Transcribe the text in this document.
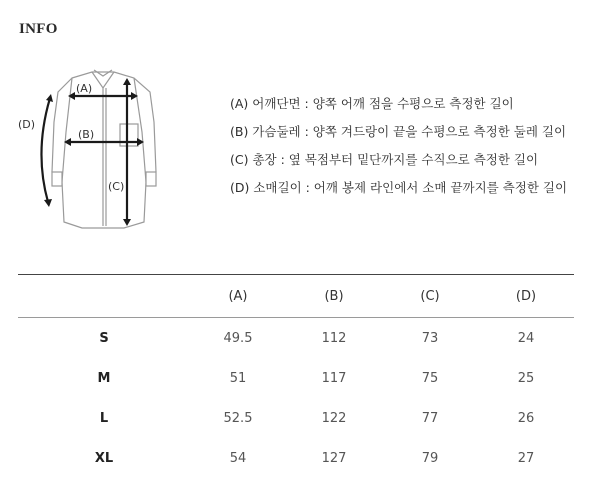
INFO
(A)
(B)
(C)
(D)
(A) 어깨단면 : 양쪽 어깨 점을 수평으로 측정한 길이
(B) 가슴둘레 : 양쪽 겨드랑이 끝을 수평으로 측정한 둘레 길이
(C) 총장 : 옆 목점부터 밑단까지를 수직으로 측정한 길이
(D) 소매길이 : 어깨 봉제 라인에서 소매 끝까지를 측정한 길이
	(A)	(B)	(C)	(D)
S	49.5	112	73	24
M	51	117	75	25
L	52.5	122	77	26
XL	54	127	79	27
